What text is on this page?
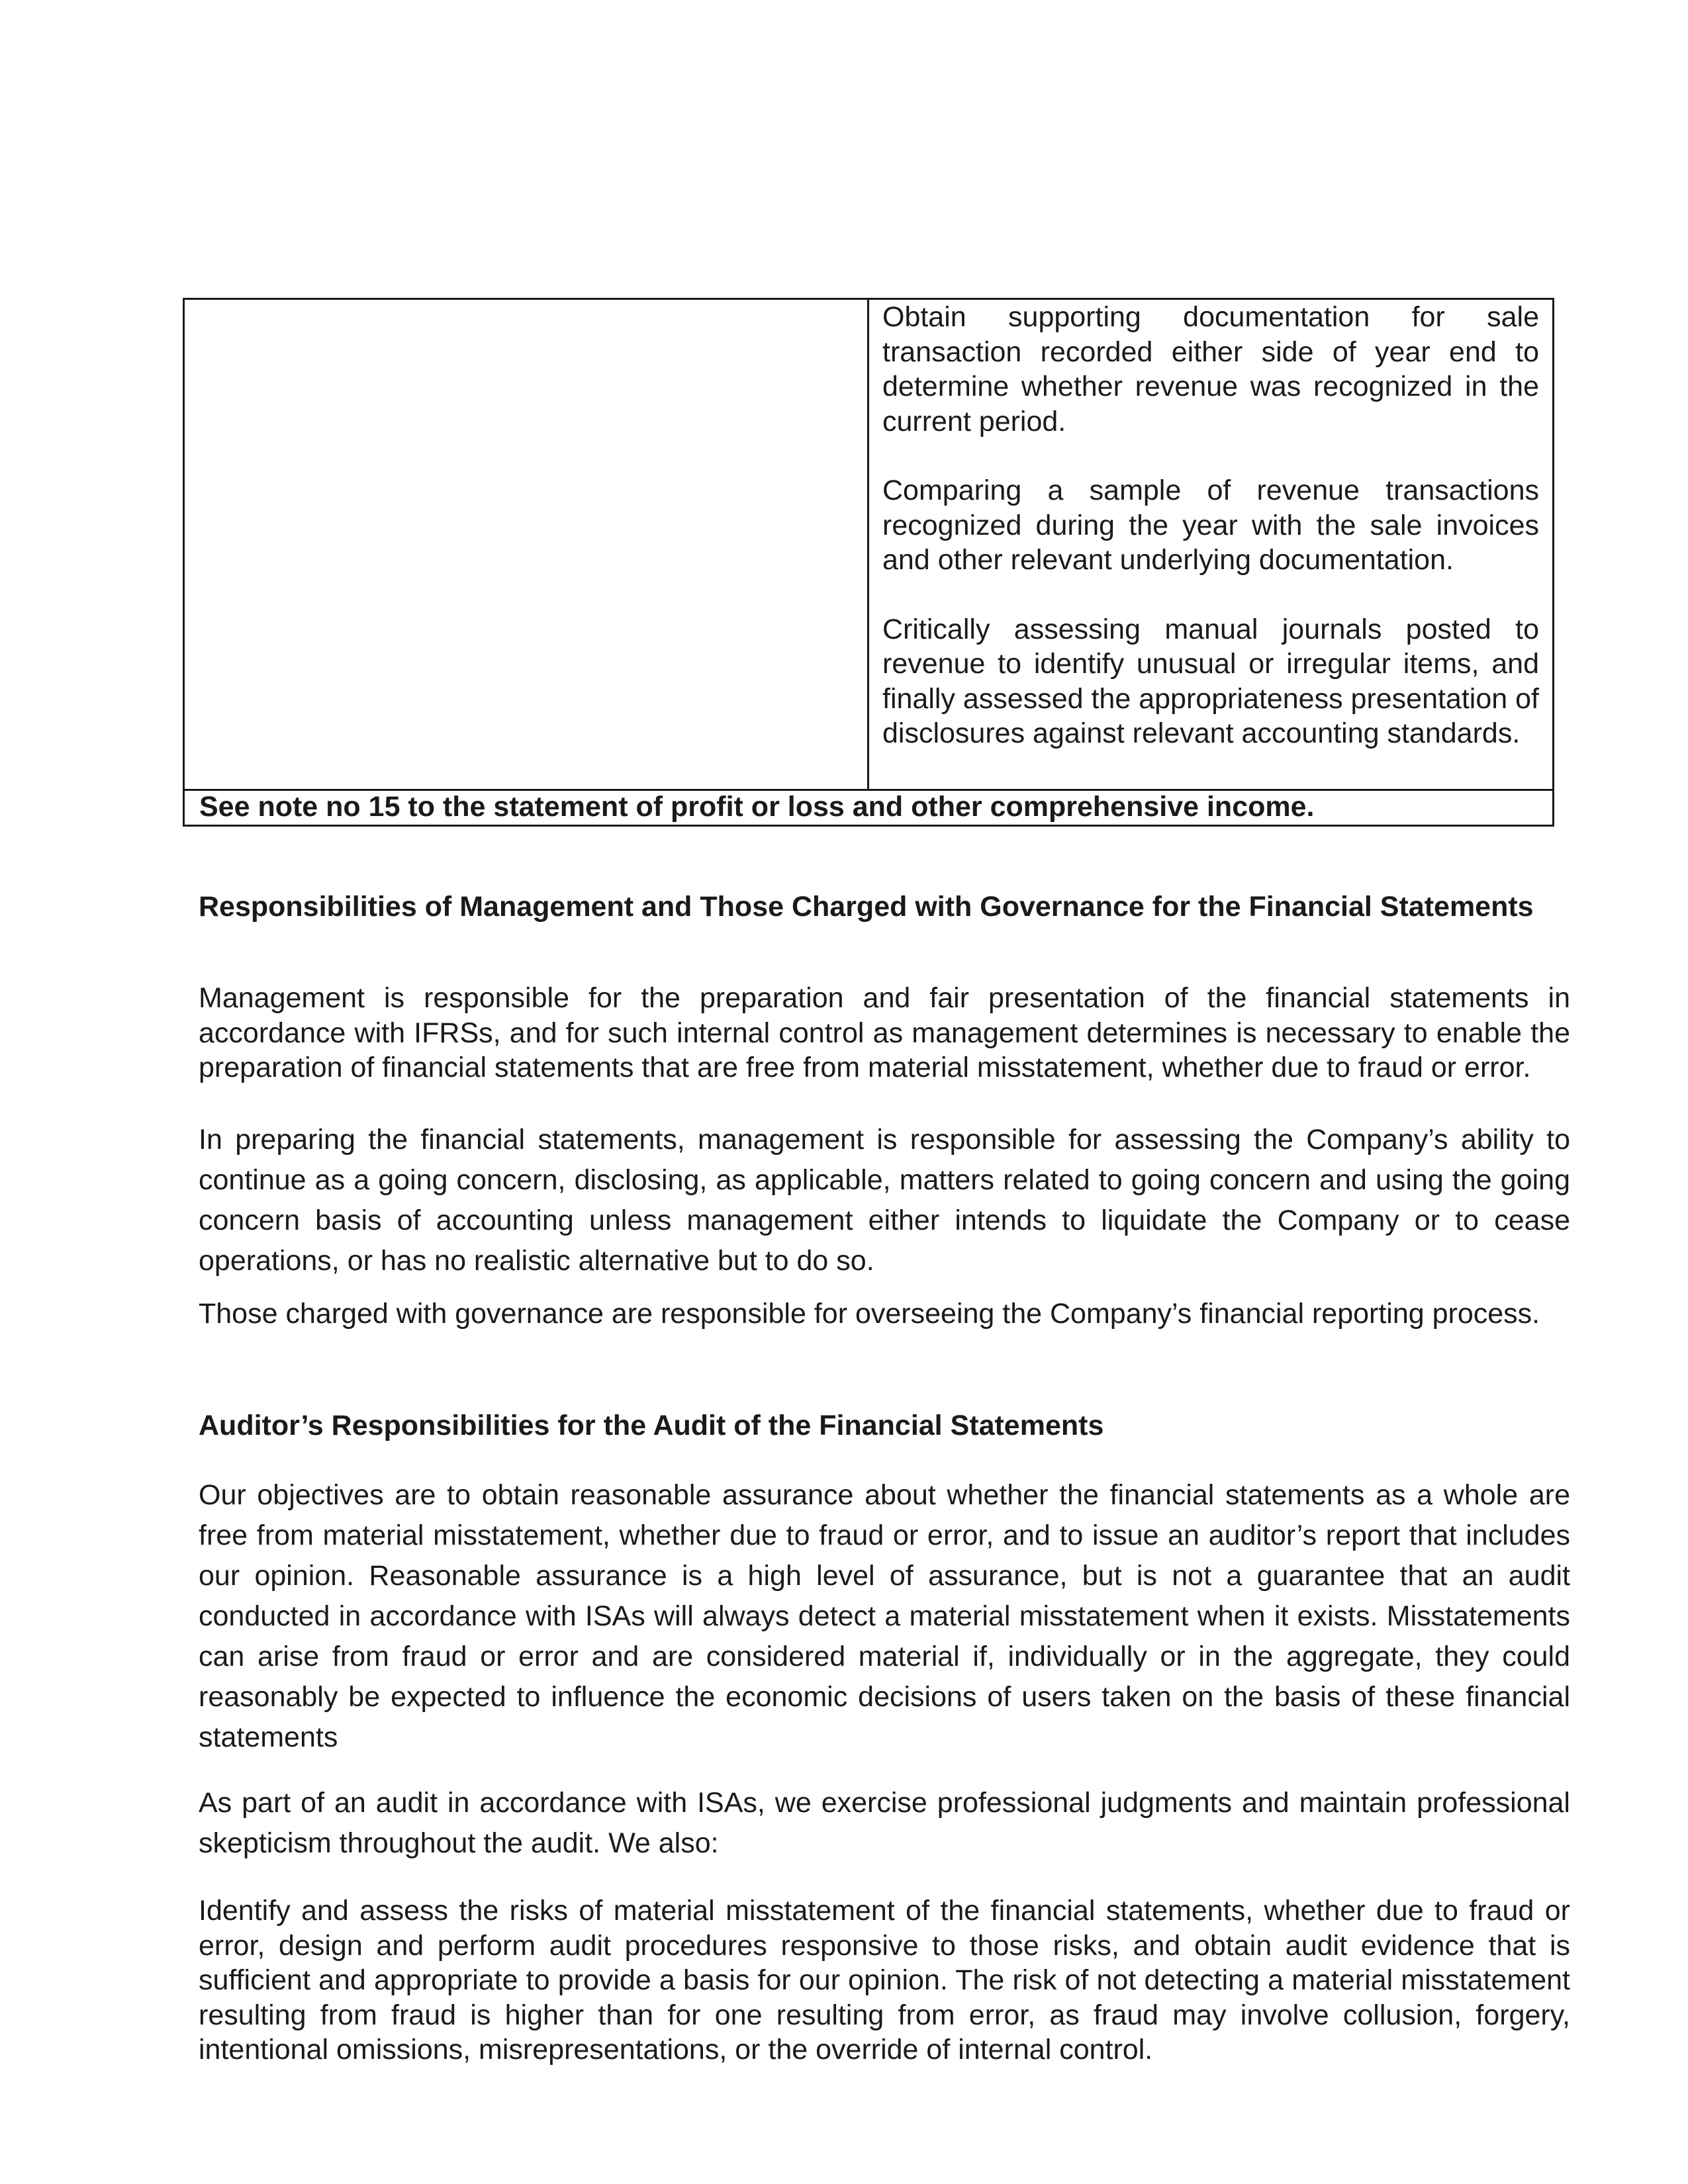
Obtain supporting documentation for sale transaction recorded either side of year end to determine whether revenue was recognized in the current period.

Comparing a sample of revenue transactions recognized during the year with the sale invoices and other relevant underlying documentation.

Critically assessing manual journals posted to revenue to identify unusual or irregular items, and finally assessed the appropriateness presentation of disclosures against relevant accounting standards.

See note no 15 to the statement of profit or loss and other comprehensive income.
Responsibilities of Management and Those Charged with Governance for the Financial Statements

Management is responsible for the preparation and fair presentation of the financial statements in accordance with IFRSs, and for such internal control as management determines is necessary to enable the preparation of financial statements that are free from material misstatement, whether due to fraud or error.

In preparing the financial statements, management is responsible for assessing the Company’s ability to continue as a going concern, disclosing, as applicable, matters related to going concern and using the going concern basis of accounting unless management either intends to liquidate the Company or to cease operations, or has no realistic alternative but to do so.

Those charged with governance are responsible for overseeing the Company’s financial reporting process.

Auditor’s Responsibilities for the Audit of the Financial Statements

Our objectives are to obtain reasonable assurance about whether the financial statements as a whole are free from material misstatement, whether due to fraud or error, and to issue an auditor’s report that includes our opinion. Reasonable assurance is a high level of assurance, but is not a guarantee that an audit conducted in accordance with ISAs will always detect a material misstatement when it exists. Misstatements can arise from fraud or error and are considered material if, individually or in the aggregate, they could reasonably be expected to influence the economic decisions of users taken on the basis of these financial statements

As part of an audit in accordance with ISAs, we exercise professional judgments and maintain professional skepticism throughout the audit. We also:

Identify and assess the risks of material misstatement of the financial statements, whether due to fraud or error, design and perform audit procedures responsive to those risks, and obtain audit evidence that is sufficient and appropriate to provide a basis for our opinion. The risk of not detecting a material misstatement resulting from fraud is higher than for one resulting from error, as fraud may involve collusion, forgery, intentional omissions, misrepresentations, or the override of internal control.
